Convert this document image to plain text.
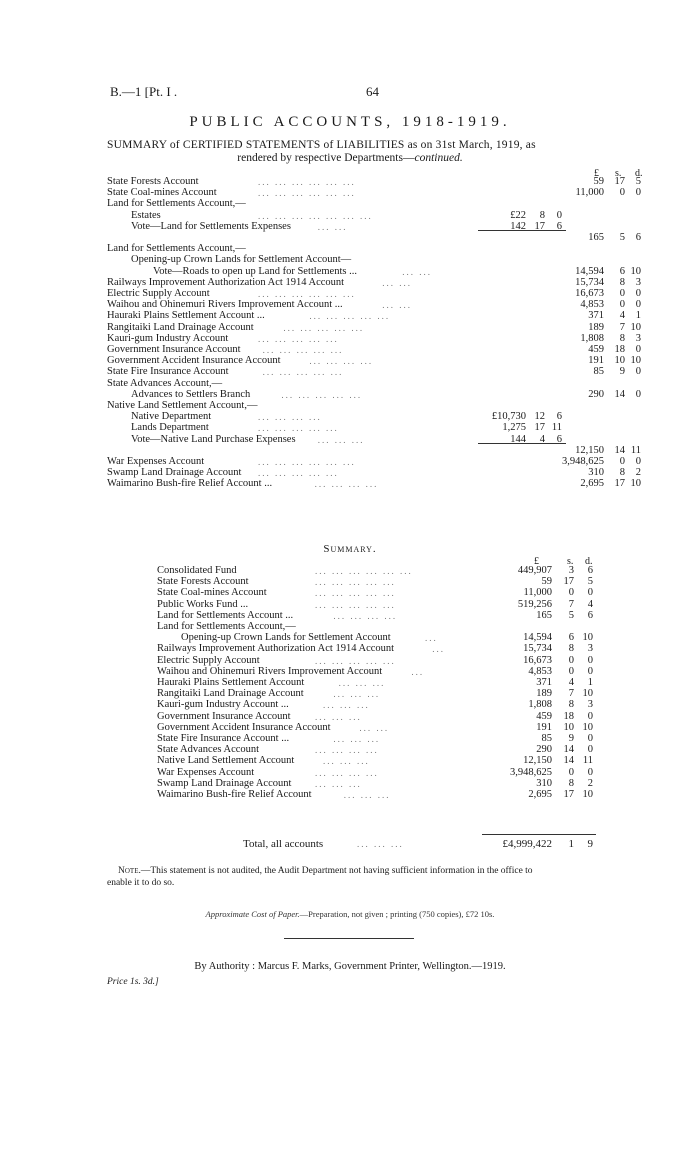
B.—1 [Pt. I .	64
PUBLIC ACCOUNTS, 1918-1919.
SUMMARY of CERTIFIED STATEMENTS of LIABILITIES as on 31st March, 1919, as
rendered by respective Departments—continued.
£ s. d.
State Forests Account	... ... ... ... ... ...	59 17 5
State Coal-mines Account	... ... ... ... ... ...	11,000 0 0
Land for Settlements Account,—
Estates	... ... ... ... ... ... ...	£22 8 0
Vote—Land for Settlements Expenses	... ...	142 17 6
165 5 6
Land for Settlements Account,—
Opening-up Crown Lands for Settlement Account—
Vote—Roads to open up Land for Settlements ...	... ...	14,594 6 10
Railways Improvement Authorization Act 1914 Account	... ...	15,734 8 3
Electric Supply Account	... ... ... ... ... ...	16,673 0 0
Waihou and Ohinemuri Rivers Improvement Account ...	... ...	4,853 0 0
Hauraki Plains Settlement Account ...	... ... ... ... ...	371 4 1
Rangitaiki Land Drainage Account	... ... ... ... ...	189 7 10
Kauri-gum Industry Account	... ... ... ... ...	1,808 8 3
Government Insurance Account ... ... ... ... ...	459 18 0
Government Accident Insurance Account	... ... ... ...	191 10 10
State Fire Insurance Account	... ... ... ... ...	85 9 0
State Advances Account,—
Advances to Settlers Branch	... ... ... ... ...	290 14 0
Native Land Settlement Account,—
Native Department	... ... ... ...	£10,730 12 6
Lands Department	... ... ... ... ...	1,275 17 11
Vote—Native Land Purchase Expenses ... ... ...	144 4 6
12,150 14 11
War Expenses Account	... ... ... ... ... ...	3,948,625 0 0
Swamp Land Drainage Account ... ... ... ... ...	310 8 2
Waimarino Bush-fire Relief Account ...	... ... ... ...	2,695 17 10
Summary.
£	s. d.
Consolidated Fund	... ... ... ... ... ...	449,907 3 6
State Forests Account	... ... ... ... ...	59 17 5
State Coal-mines Account	... ... ... ... ...	11,000 0 0
Public Works Fund ...	... ... ... ... ...	519,256 7 4
Land for Settlements Account ...	... ... ... ...	165 5 6
Land for Settlements Account,—
Opening-up Crown Lands for Settlement Account	...	14,594 6 10
Railways Improvement Authorization Act 1914 Account	...	15,734 8 3
Electric Supply Account	... ... ... ... ...	16,673 0 0
Waihou and Ohinemuri Rivers Improvement Account	...	4,853 0 0
Hauraki Plains Settlement Account	... ... ...	371 4 1
Rangitaiki Land Drainage Account	... ... ...	189 7 10
Kauri-gum Industry Account ...	... ... ...	1,808 8 3
Government Insurance Account	... ... ...	459 18 0
Government Accident Insurance Account	... ...	191 10 10
State Fire Insurance Account ...	... ... ...	85 9 0
State Advances Account	... ... ... ...	290 14 0
Native Land Settlement Account	... ... ...	12,150 14 11
War Expenses Account	... ... ... ...	3,948,625 0 0
Swamp Land Drainage Account	... ... ...	310 8 2
Waimarino Bush-fire Relief Account	... ... ...	2,695 17 10
Total, all accounts	... ... ...	£4,999,422 1 9
Note.—This statement is not audited, the Audit Department not having sufficient information in the office to
enable it to do so.
Approximate Cost of Paper.—Preparation, not given ; printing (750 copies), £72 10s.
By Authority : Marcus F. Marks, Government Printer, Wellington.—1919.
Price 1s. 3d.]
